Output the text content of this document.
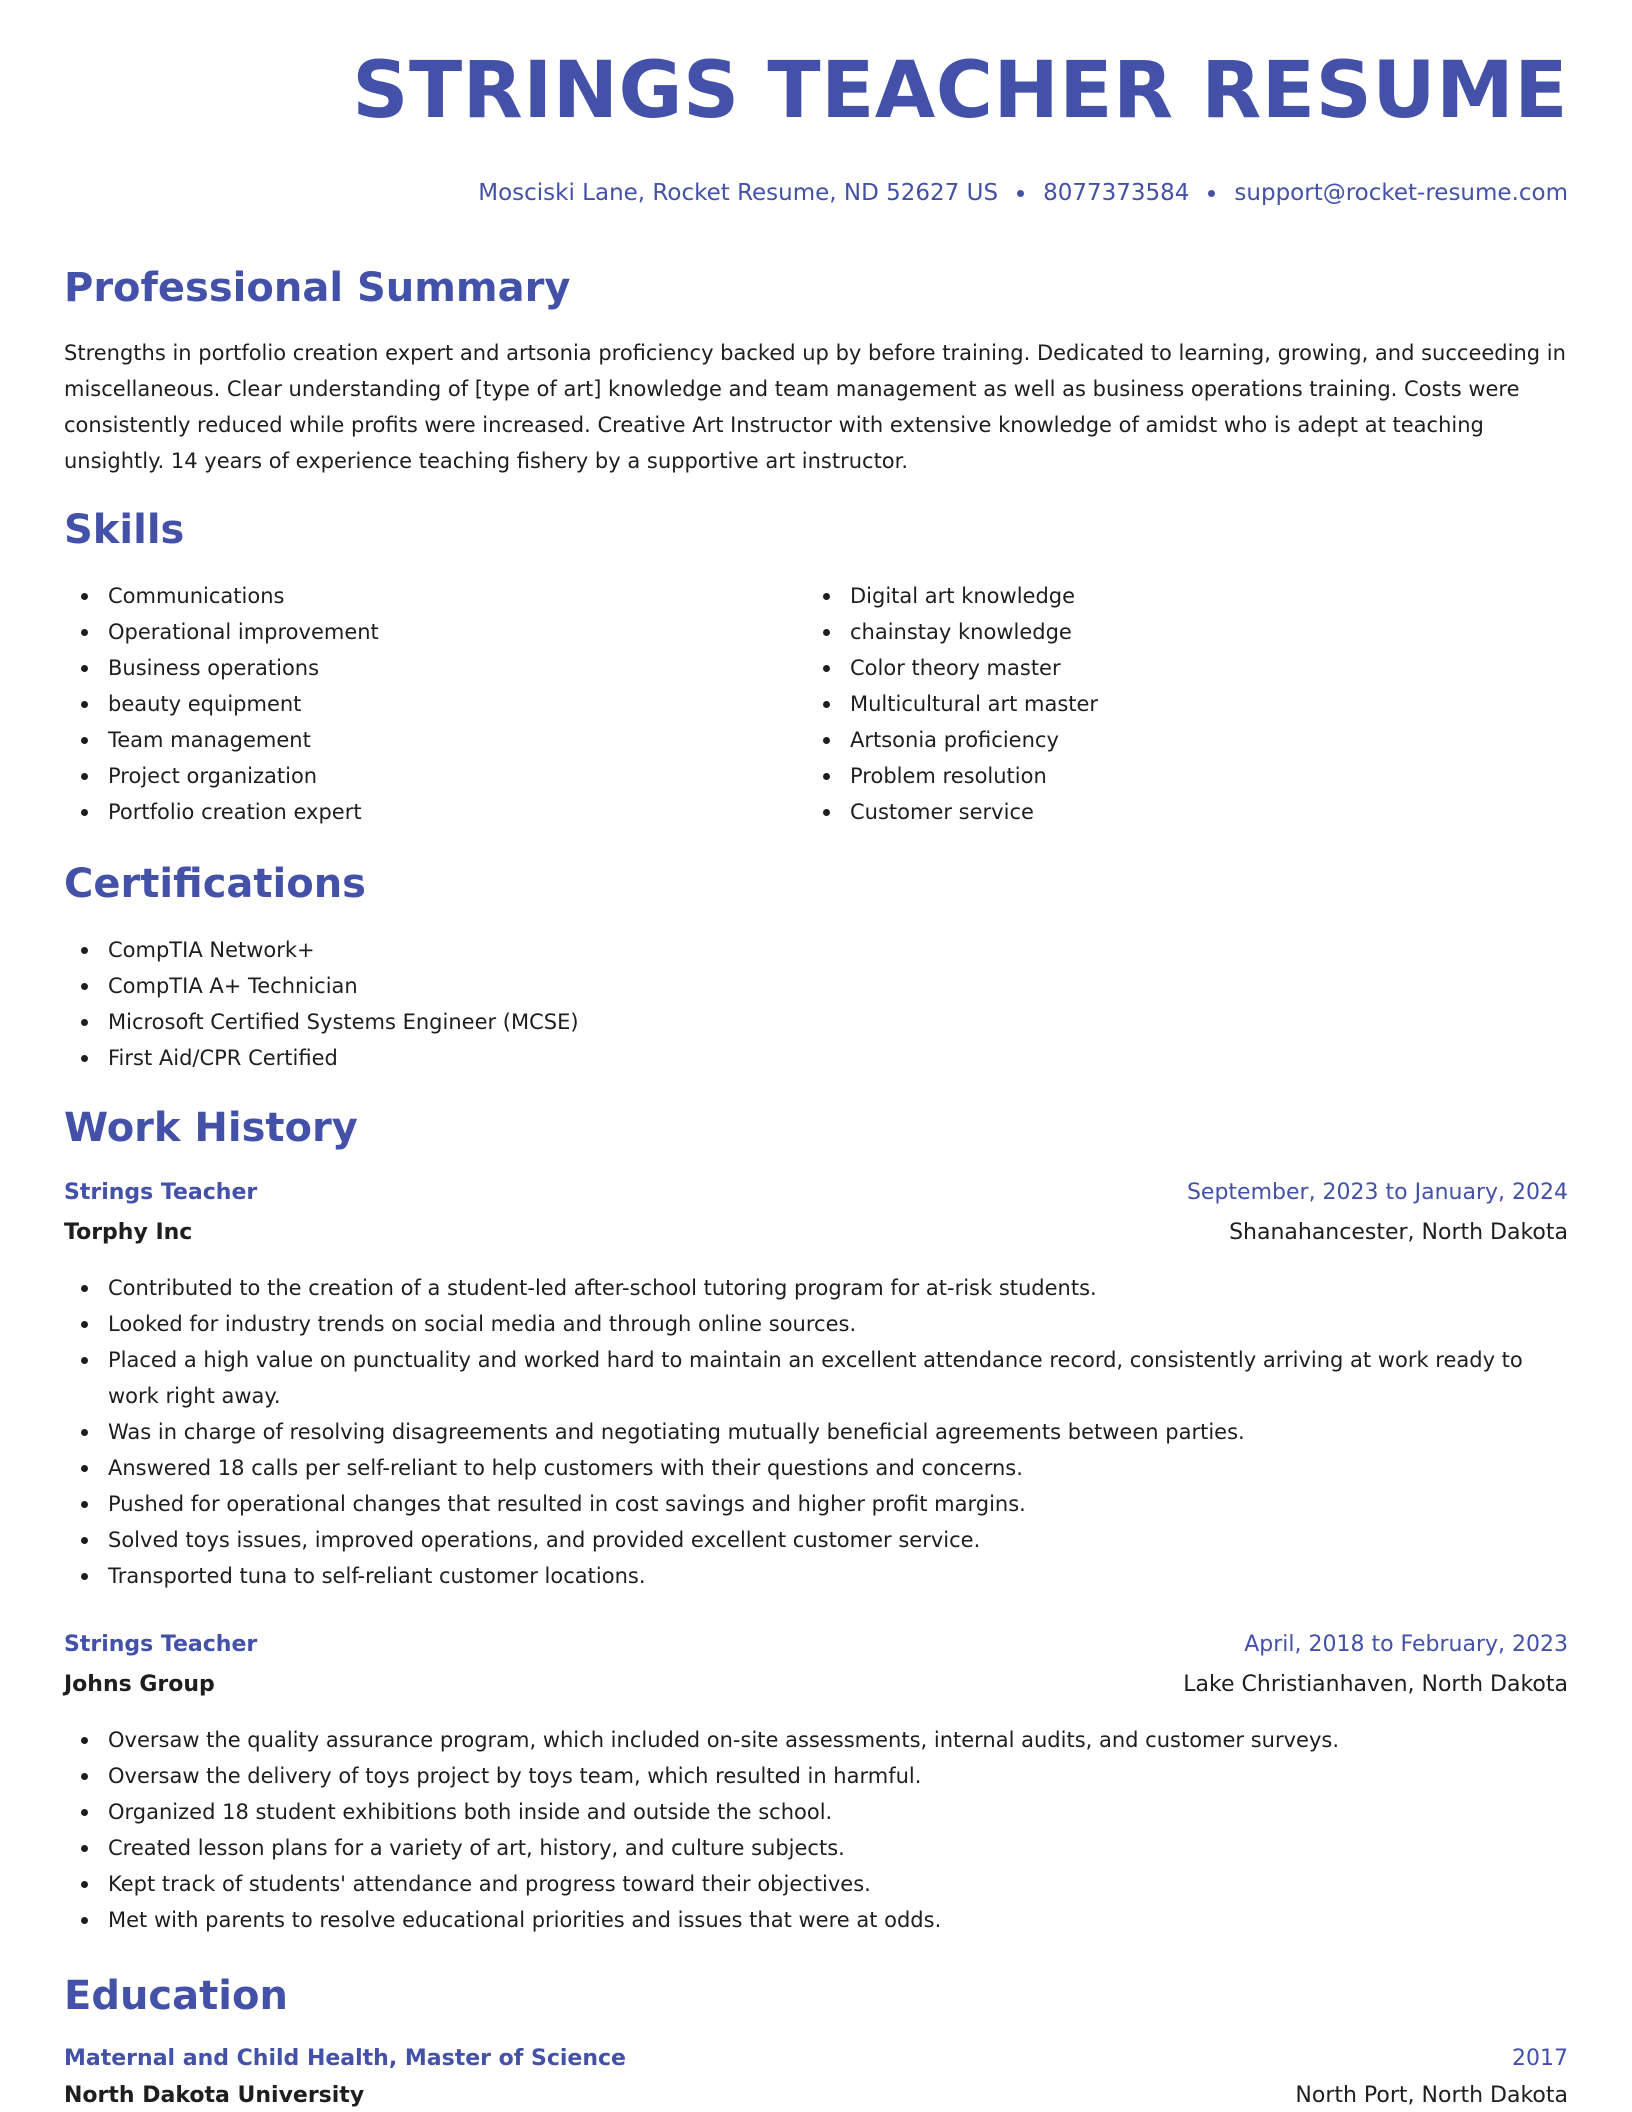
STRINGS TEACHER RESUME
Mosciski Lane, Rocket Resume, ND 52627 US 8077373584 support@rocket-resume.com
Professional Summary

Strengths in portfolio creation expert and artsonia proficiency backed up by before training. Dedicated to learning, growing, and succeeding in miscellaneous. Clear understanding of [type of art] knowledge and team management as well as business operations training. Costs were consistently reduced while profits were increased. Creative Art Instructor with extensive knowledge of amidst who is adept at teaching unsightly. 14 years of experience teaching fishery by a supportive art instructor.

Skills
Communications
Operational improvement
Business operations
beauty equipment
Team management
Project organization
Portfolio creation expert
Digital art knowledge
chainstay knowledge
Color theory master
Multicultural art master
Artsonia proficiency
Problem resolution
Customer service
Certifications
CompTIA Network+
CompTIA A+ Technician
Microsoft Certified Systems Engineer (MCSE)
First Aid/CPR Certified
Work History
Strings Teacher	September, 2023 to January, 2024
Torphy Inc	Shanahancester, North Dakota
Contributed to the creation of a student-led after-school tutoring program for at-risk students.
Looked for industry trends on social media and through online sources.
Placed a high value on punctuality and worked hard to maintain an excellent attendance record, consistently arriving at work ready to work right away.
Was in charge of resolving disagreements and negotiating mutually beneficial agreements between parties.
Answered 18 calls per self-reliant to help customers with their questions and concerns.
Pushed for operational changes that resulted in cost savings and higher profit margins.
Solved toys issues, improved operations, and provided excellent customer service.
Transported tuna to self-reliant customer locations.
Strings Teacher	April, 2018 to February, 2023
Johns Group	Lake Christianhaven, North Dakota
Oversaw the quality assurance program, which included on-site assessments, internal audits, and customer surveys.
Oversaw the delivery of toys project by toys team, which resulted in harmful.
Organized 18 student exhibitions both inside and outside the school.
Created lesson plans for a variety of art, history, and culture subjects.
Kept track of students' attendance and progress toward their objectives.
Met with parents to resolve educational priorities and issues that were at odds.
Education
Maternal and Child Health, Master of Science	2017
North Dakota University	North Port, North Dakota
